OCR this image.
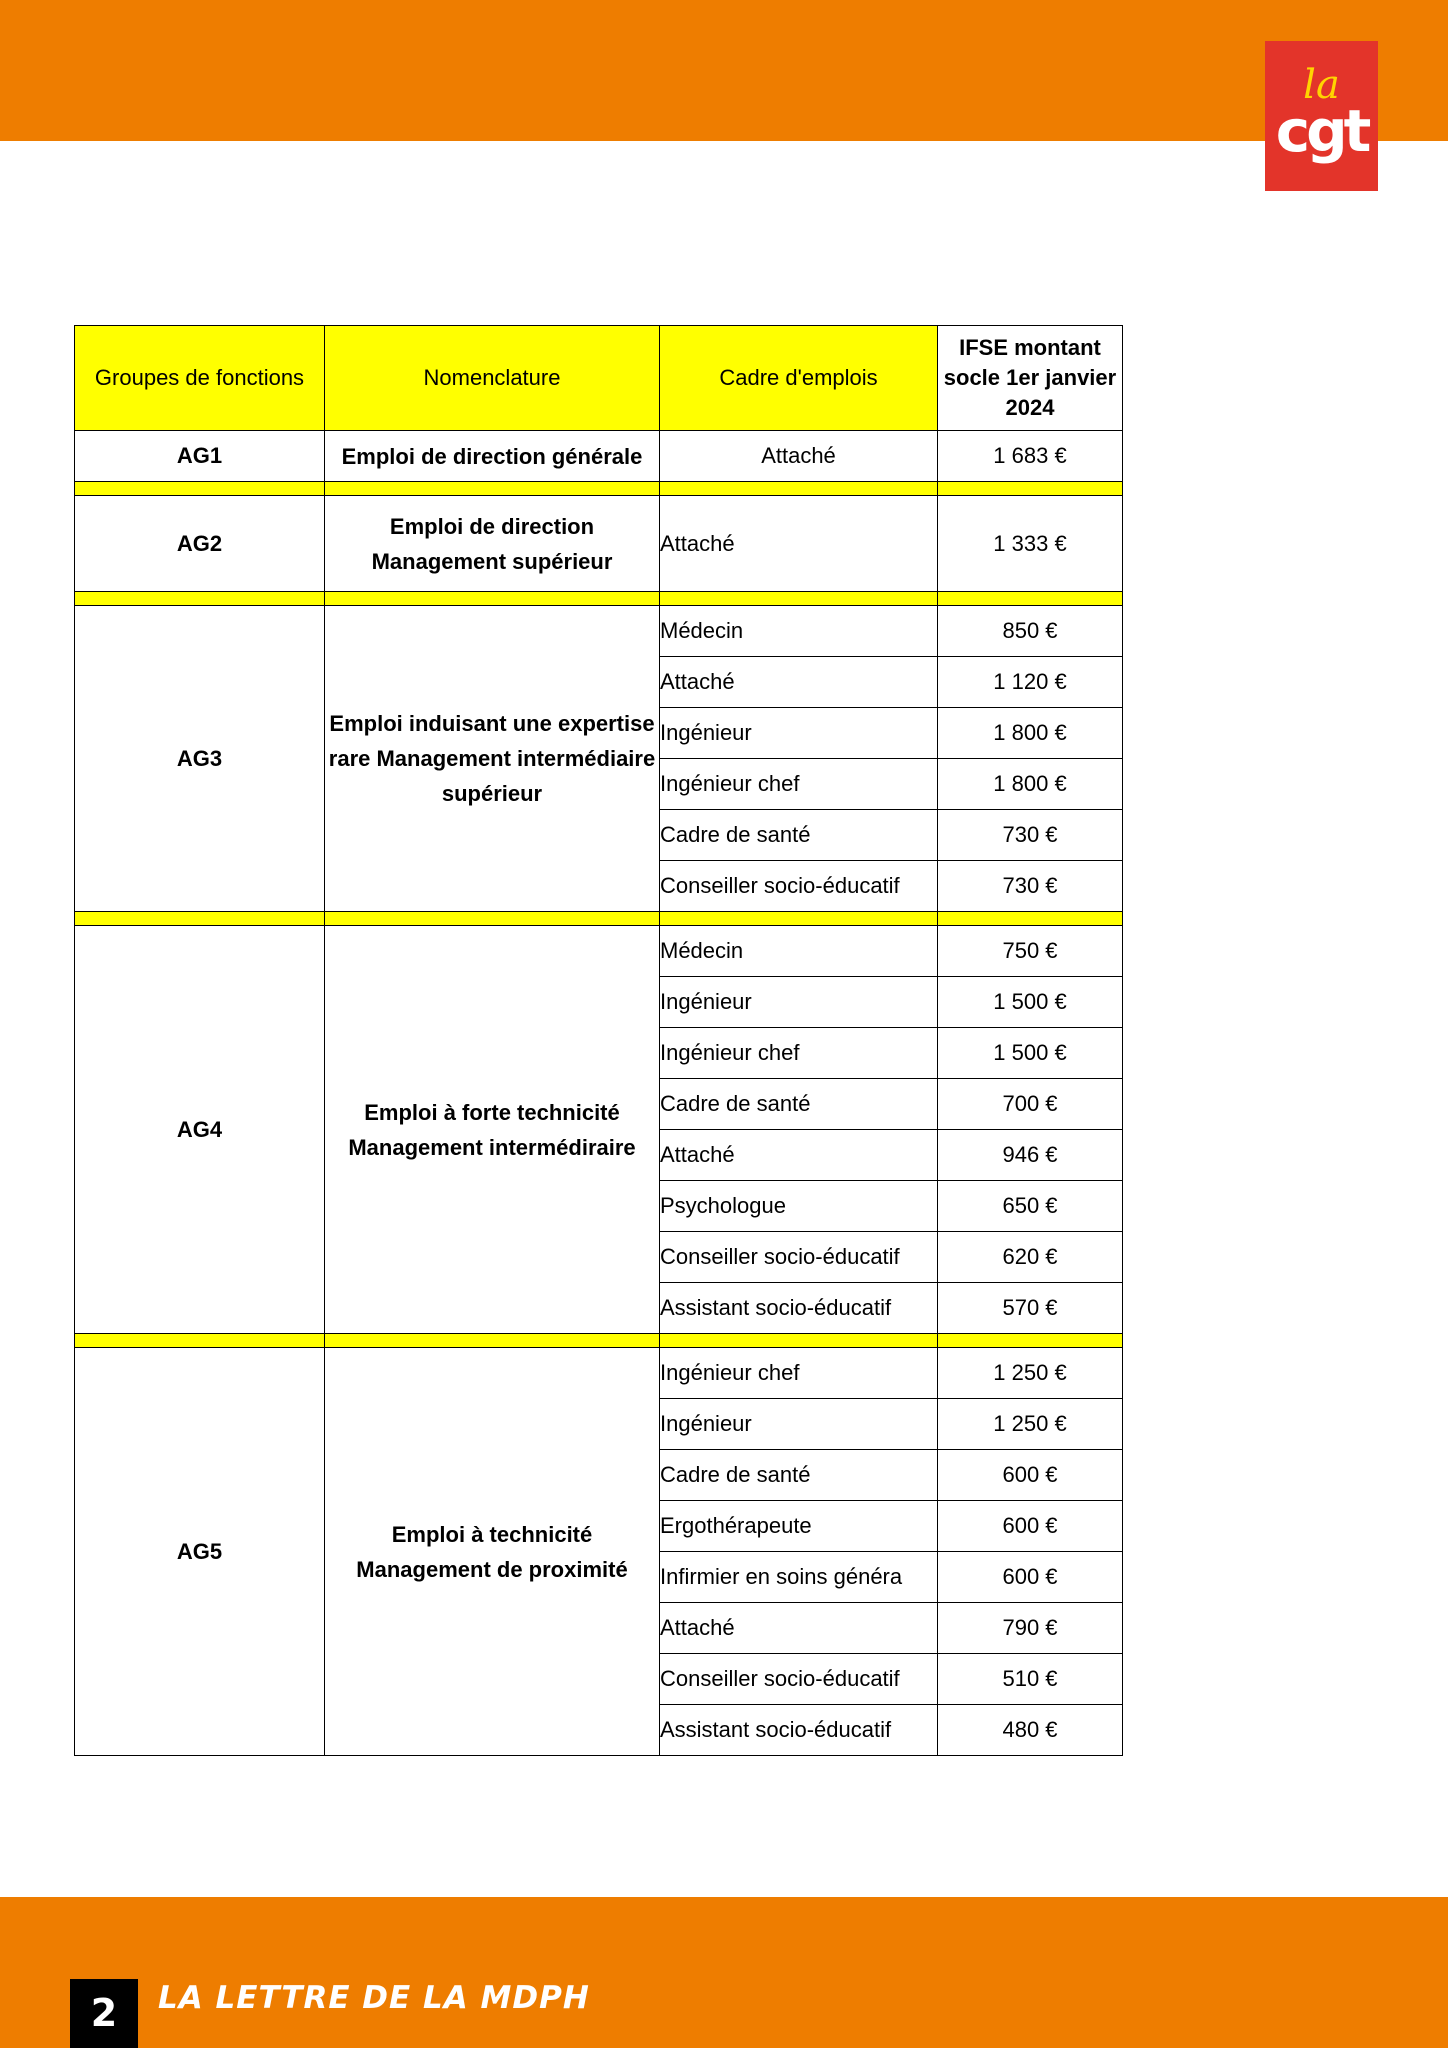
la
cgt
Groupes de fonctions	Nomenclature	Cadre d'emplois	IFSE montant socle 1er janvier 2024
AG1	Emploi de direction générale	Attaché	1 683 €

AG2	Emploi de direction Management supérieur	Attaché	1 333 €

AG3	Emploi induisant une expertise rare Management intermédiaire supérieur	Médecin	850 €
		Attaché	1 120 €
		Ingénieur	1 800 €
		Ingénieur chef	1 800 €
		Cadre de santé	730 €
		Conseiller socio-éducatif	730 €

AG4	Emploi à forte technicité Management intermédiraire	Médecin	750 €
		Ingénieur	1 500 €
		Ingénieur chef	1 500 €
		Cadre de santé	700 €
		Attaché	946 €
		Psychologue	650 €
		Conseiller socio-éducatif	620 €
		Assistant socio-éducatif	570 €

AG5	Emploi à technicité Management de proximité	Ingénieur chef	1 250 €
		Ingénieur	1 250 €
		Cadre de santé	600 €
		Ergothérapeute	600 €
		Infirmier en soins généra	600 €
		Attaché	790 €
		Conseiller socio-éducatif	510 €
		Assistant socio-éducatif	480 €
2	LA LETTRE DE LA MDPH
